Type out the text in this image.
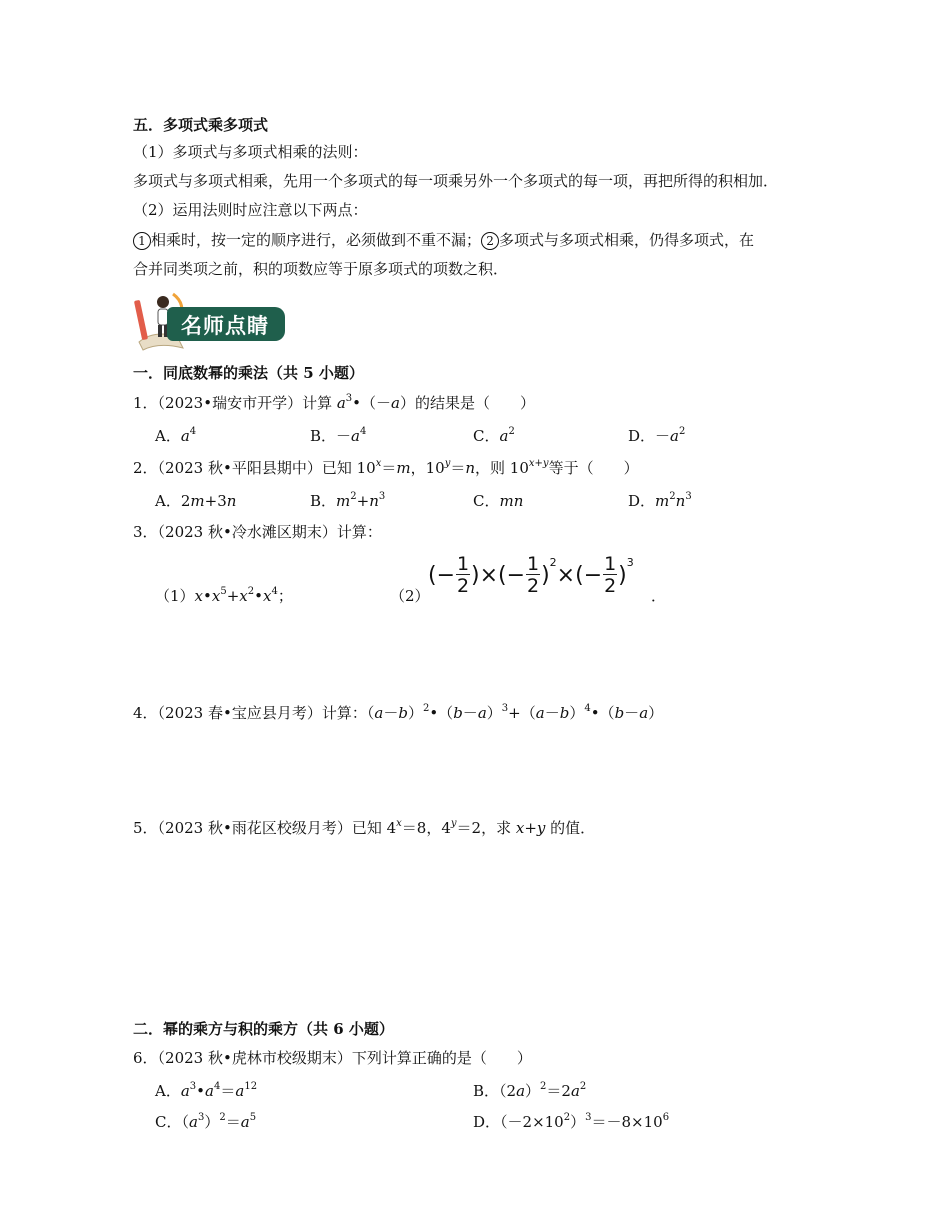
五．多项式乘多项式
（1）多项式与多项式相乘的法则：
多项式与多项式相乘，先用一个多项式的每一项乘另外一个多项式的每一项，再把所得的积相加．
（2）运用法则时应注意以下两点：
1 相乘时，按一定的顺序进行，必须做到不重不漏； 2 多项式与多项式相乘，仍得多项式，在
合并同类项之前，积的项数应等于原多项式的项数之积．
名师点睛
一．同底数幂的乘法（共 5 小题）
1．（2023•瑞安市开学）计算 $a^3•(-a)$的结果是（　　）
A．$a^4$	B．$-a^4$	C．$a^2$	D．$-a^2$
2．（2023 秋•平阳县期中）已知 $10^x=m$，$10^y=n$，则 $10^{x+y}$等于（　　）
A．2m+3n	B．$m^2+n^3$	C．mn	D．$m^2n^3$
3．（2023 秋•冷水滩区期末）计算：
$(1)x•x^5+x^2•x^4$；	（2）
(− $\frac{1}{2}$ )×(− $\frac{1}{2} )2\times(- \frac{1}{2} )3$
．
4．（2023 春•宝应县月考）计算：$(a-b)^2•(b-a)^3+(a-b)^4•(b-a)$
5．（2023 秋•雨花区校级月考）已知 $4^x=8$，$4^y=2$，求 x+y 的值．
二．幂的乘方与积的乘方（共 6 小题）
6．（2023 秋•虎林市校级期末）下列计算正确的是（　　）
A．$a^3•a^4=a^{12}$	B．$(2a)^2=2a^2$
C．$(a^3)^2=a^5$	D．$(-2\times 10^2)^3=-8\times 10^6$
